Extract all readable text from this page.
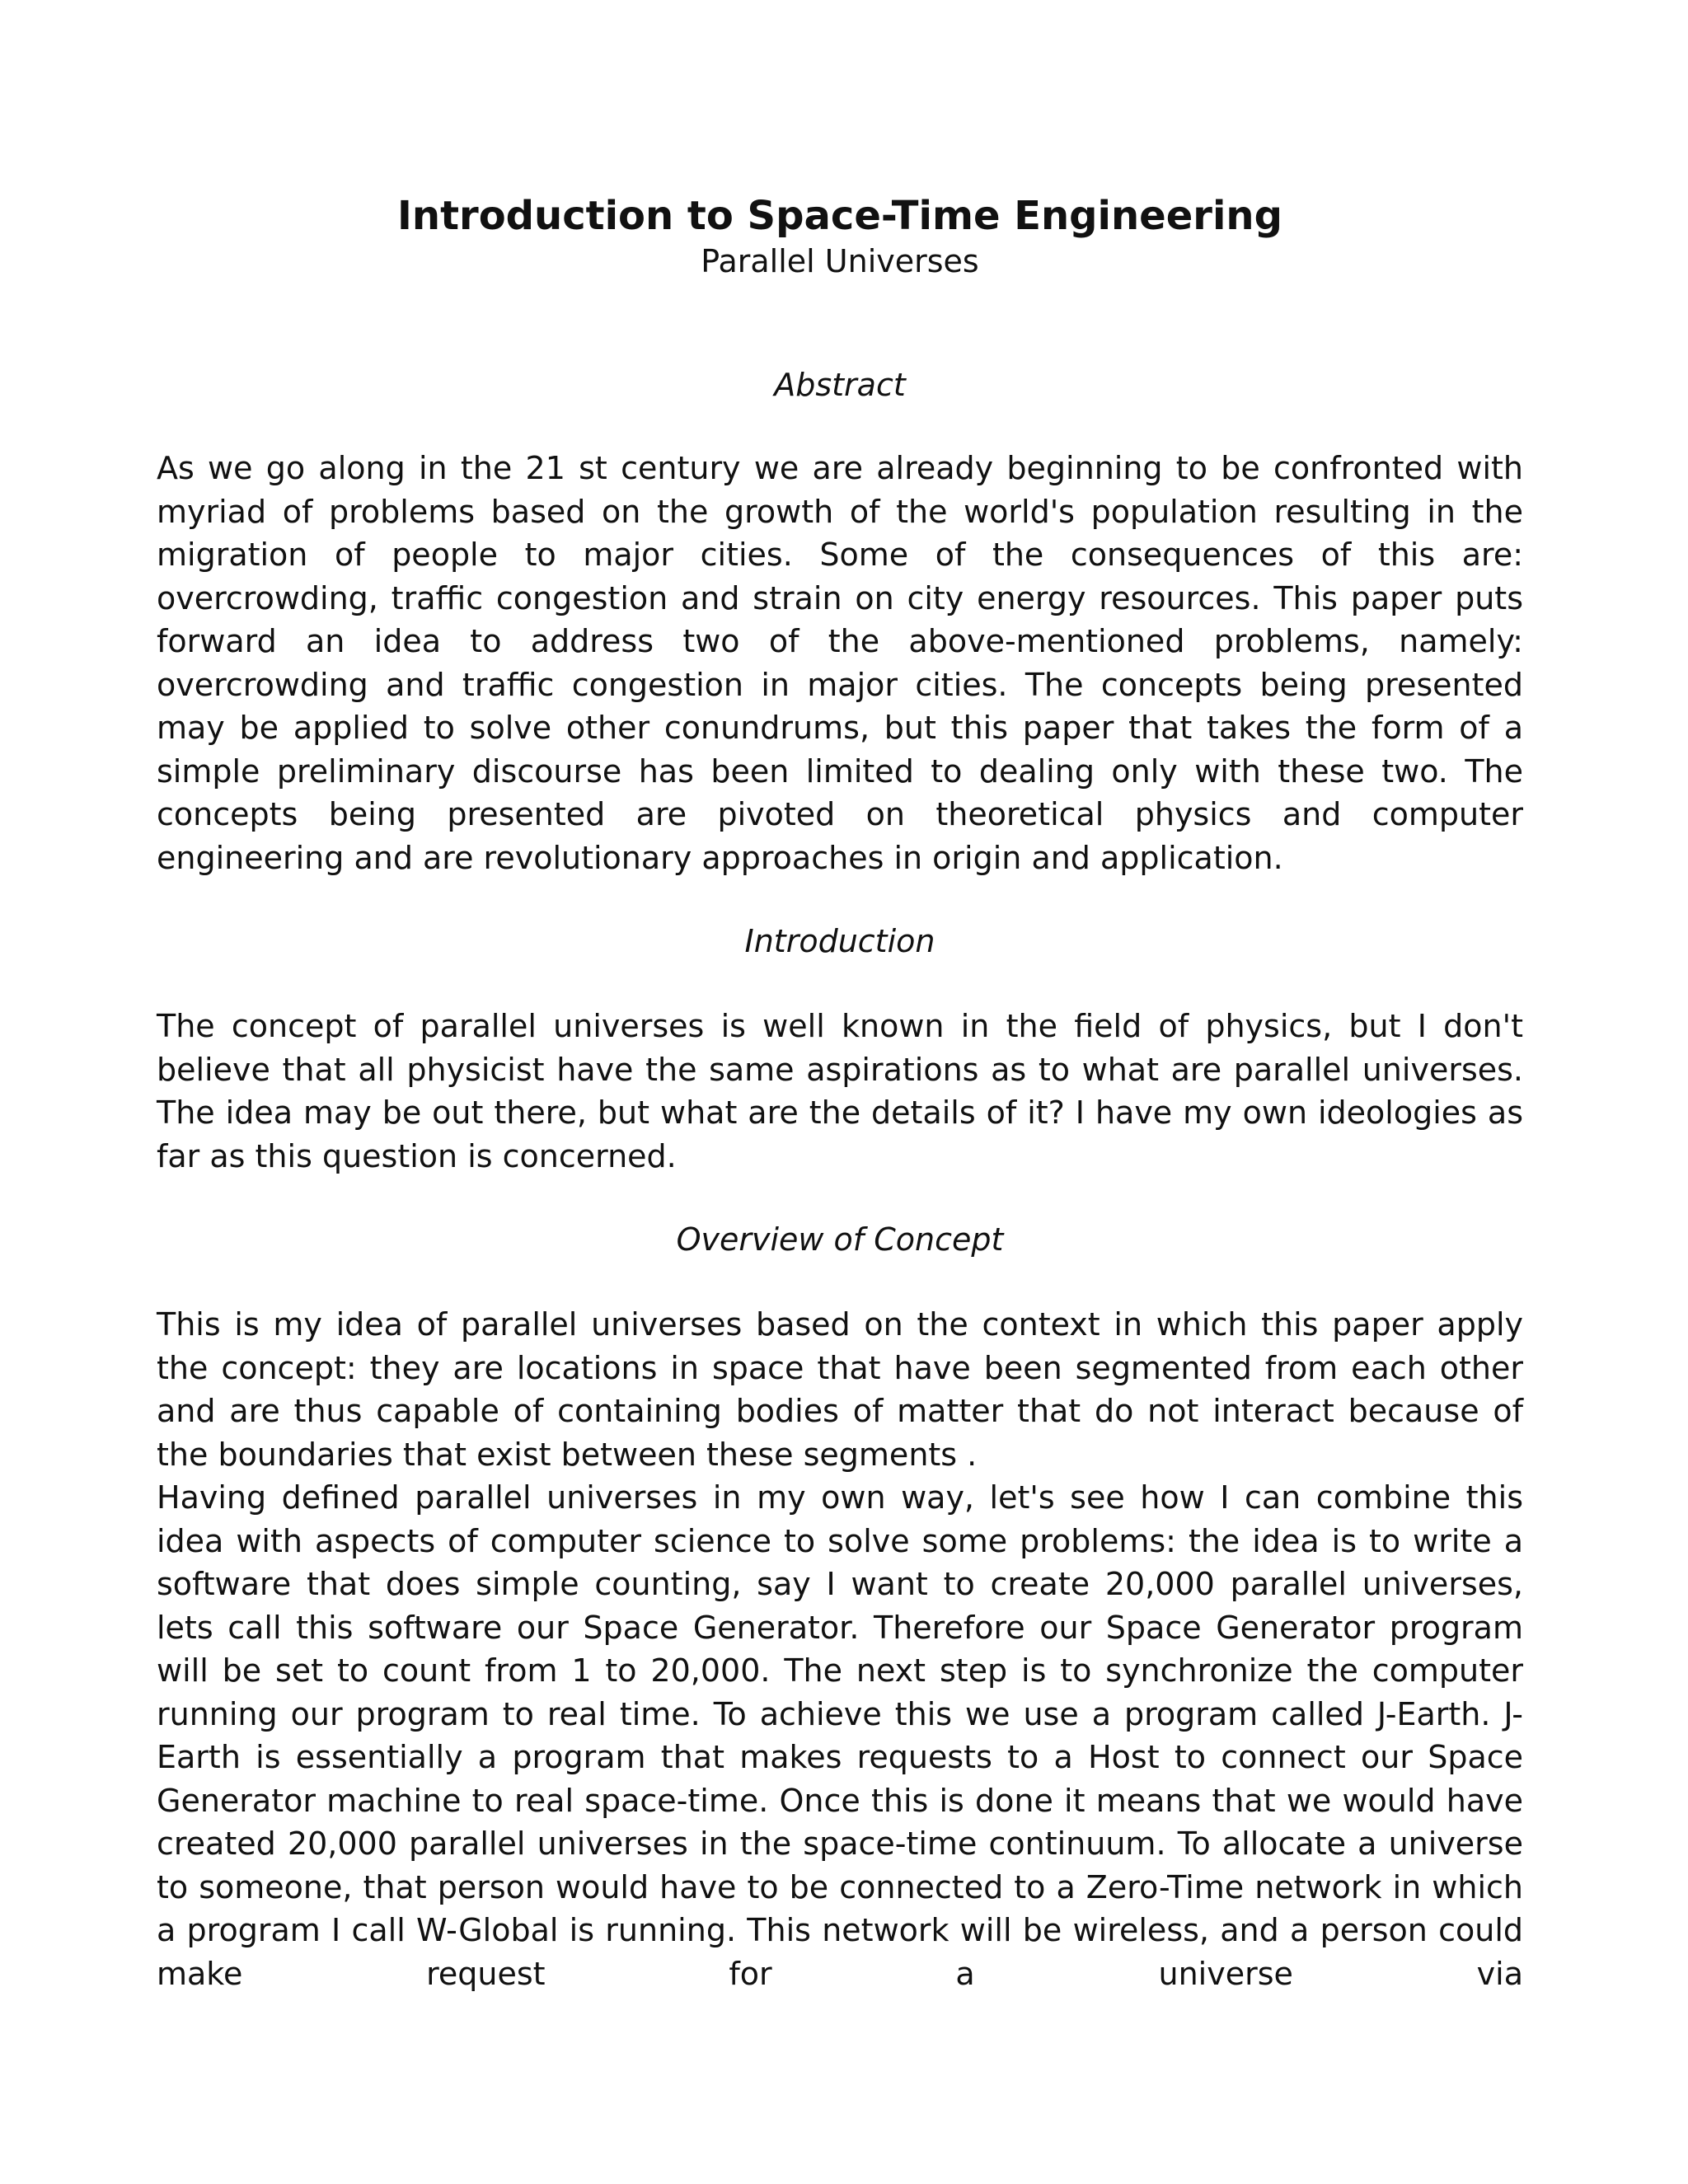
Introduction to Space-Time Engineering
Parallel Universes
Abstract

As we go along in the 21 st century we are already beginning to be confronted with myriad of problems based on the growth of the world's population resulting in the migration of people to major cities. Some of the consequences of this are: overcrowding, traffic congestion and strain on city energy resources. This paper puts forward an idea to address two of the above-mentioned problems, namely: overcrowding and traffic congestion in major cities. The concepts being presented may be applied to solve other conundrums, but this paper that takes the form of a simple preliminary discourse has been limited to dealing only with these two. The concepts being presented are pivoted on theoretical physics and computer engineering and are revolutionary approaches in origin and application.

Introduction

The concept of parallel universes is well known in the field of physics, but I don't believe that all physicist have the same aspirations as to what are parallel universes. The idea may be out there, but what are the details of it? I have my own ideologies as far as this question is concerned.

Overview of Concept

This is my idea of parallel universes based on the context in which this paper apply the concept: they are locations in space that have been segmented from each other and are thus capable of containing bodies of matter that do not interact because of the boundaries that exist between these segments .

Having defined parallel universes in my own way, let's see how I can combine this idea with aspects of computer science to solve some problems: the idea is to write a software that does simple counting, say I want to create 20,000 parallel universes, lets call this software our Space Generator. Therefore our Space Generator program will be set to count from 1 to 20,000. The next step is to synchronize the computer running our program to real time. To achieve this we use a program called J-Earth. J-Earth is essentially a program that makes requests to a Host to connect our Space Generator machine to real space-time. Once this is done it means that we would have created 20,000 parallel universes in the space-time continuum. To allocate a universe to someone, that person would have to be connected to a Zero-Time network in which a program I call W-Global is running. This network will be wireless, and a person could make request for a universe via
